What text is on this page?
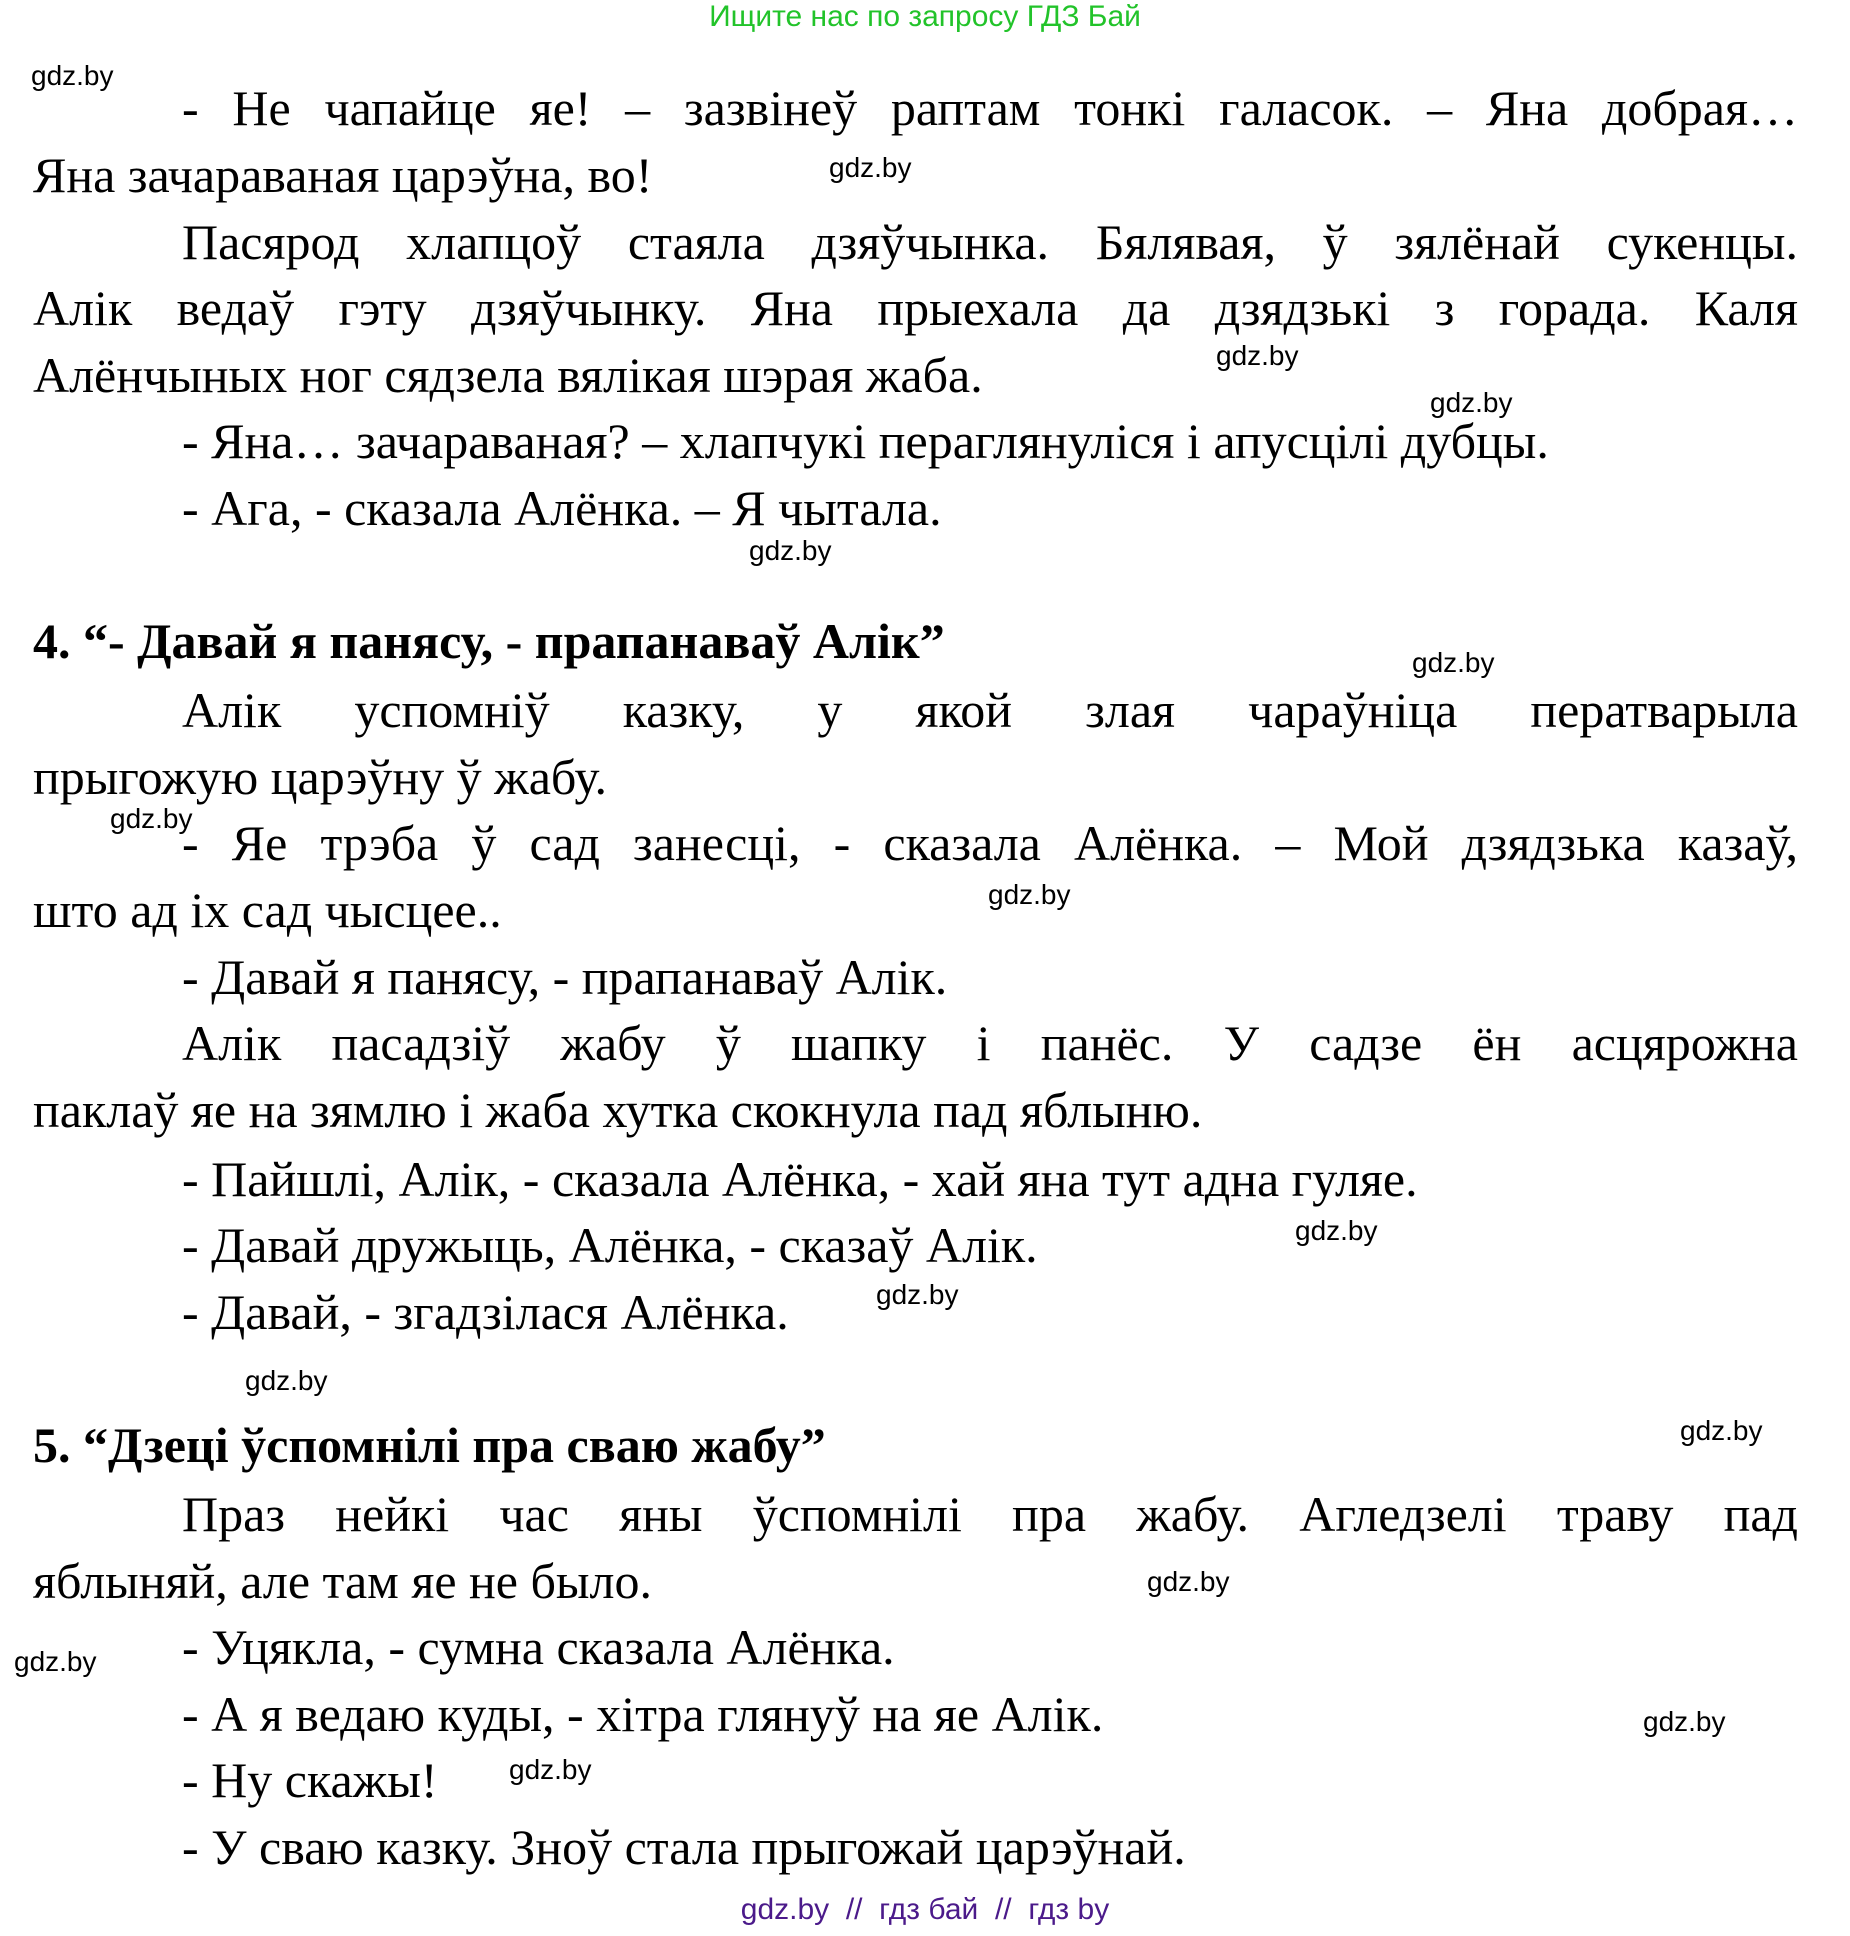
Ищите нас по запросу ГДЗ Бай
- Не чапайце яе! – зазвінеў раптам тонкі галасок. – Яна добрая…
Яна зачараваная царэўна, во!
Пасярод хлапцоў стаяла дзяўчынка. Бялявая, ў зялёнай сукенцы.
Алік ведаў гэту дзяўчынку. Яна прыехала да дзядзькі з горада. Каля
Алёнчыных ног сядзела вялікая шэрая жаба.
- Яна… зачараваная? – хлапчукі пераглянуліся і апусцілі дубцы.
- Ага, - сказала Алёнка. – Я чытала.
4. “- Давай я панясу, - прапанаваў Алік”
Алік успомніў казку, у якой злая чараўніца ператварыла
прыгожую царэўну ў жабу.
- Яе трэба ў сад занесці, - сказала Алёнка. – Мой дзядзька казаў,
што ад іх сад чысцее..
- Давай я панясу, - прапанаваў Алік.
Алік пасадзіў жабу ў шапку і панёс. У садзе ён асцярожна
паклаў яе на зямлю і жаба хутка скокнула пад яблыню.
- Пайшлі, Алік, - сказала Алёнка, - хай яна тут адна гуляе.
- Давай дружыць, Алёнка, - сказаў Алік.
- Давай, - згадзілася Алёнка.
5. “Дзеці ўспомнілі пра сваю жабу”
Праз нейкі час яны ўспомнілі пра жабу. Агледзелі траву пад
яблыняй, але там яе не было.
- Уцякла, - сумна сказала Алёнка.
- А я ведаю куды, - хітра глянуў на яе Алік.
- Ну скажы!
- У сваю казку. Зноў стала прыгожай царэўнай.
gdz.by
gdz.by
gdz.by
gdz.by
gdz.by
gdz.by
gdz.by
gdz.by
gdz.by
gdz.by
gdz.by
gdz.by
gdz.by
gdz.by
gdz.by
gdz.by
gdz.by  //  гдз бай  //  гдз by
